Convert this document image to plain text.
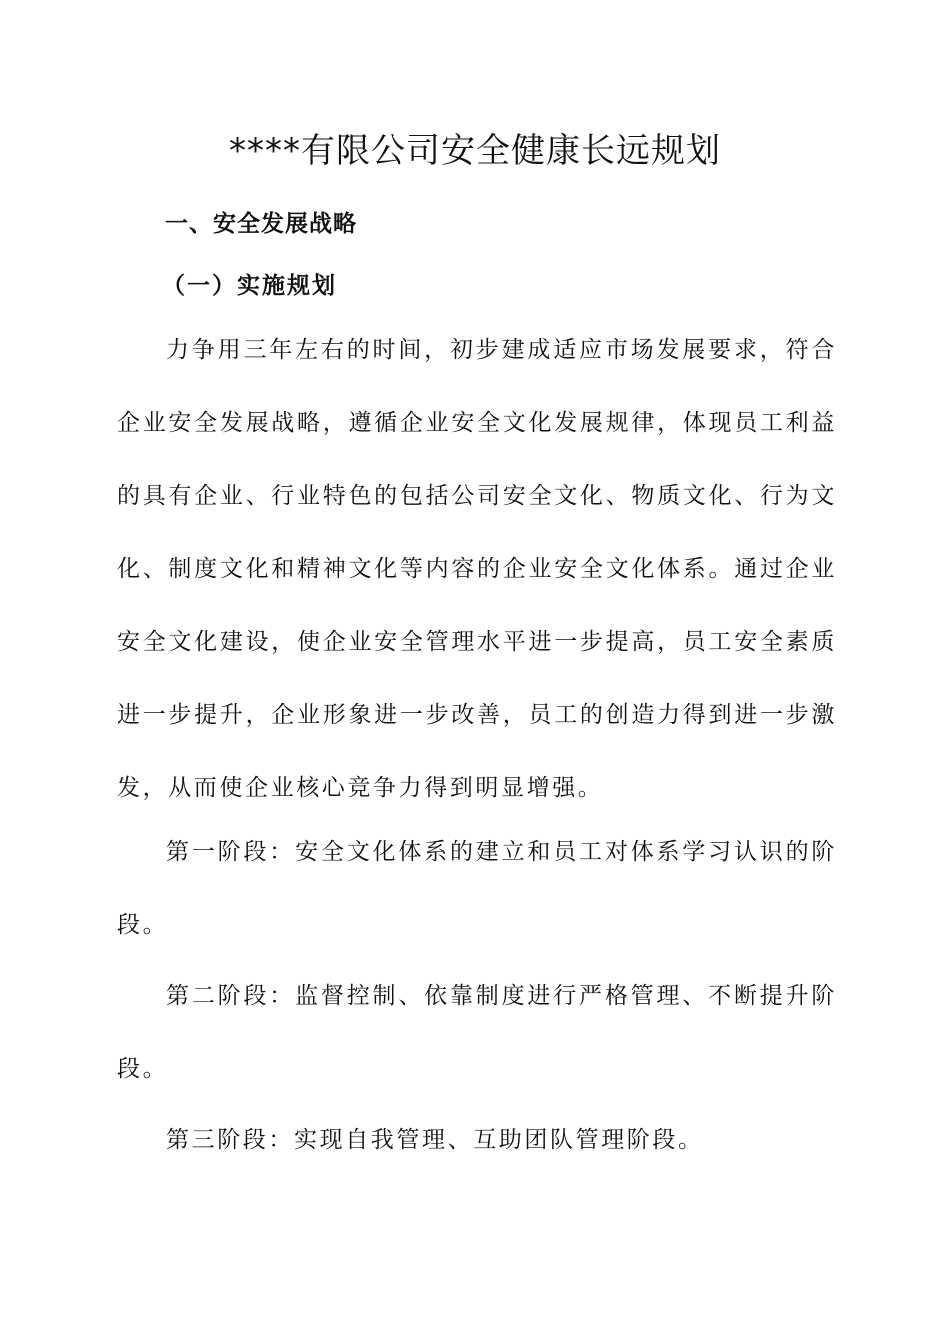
****有限公司安全健康长远规划
一、安全发展战略
（一）实施规划

力争用三年左右的时间，初步建成适应市场发展要求，符合企业安全发展战略，遵循企业安全文化发展规律，体现员工利益的具有企业、行业特色的包括公司安全文化、物质文化、行为文化、制度文化和精神文化等内容的企业安全文化体系。通过企业安全文化建设，使企业安全管理水平进一步提高，员工安全素质进一步提升，企业形象进一步改善，员工的创造力得到进一步激发，从而使企业核心竞争力得到明显增强。

第一阶段：安全文化体系的建立和员工对体系学习认识的阶段。

第二阶段：监督控制、依靠制度进行严格管理、不断提升阶段。

第三阶段：实现自我管理、互助团队管理阶段。
